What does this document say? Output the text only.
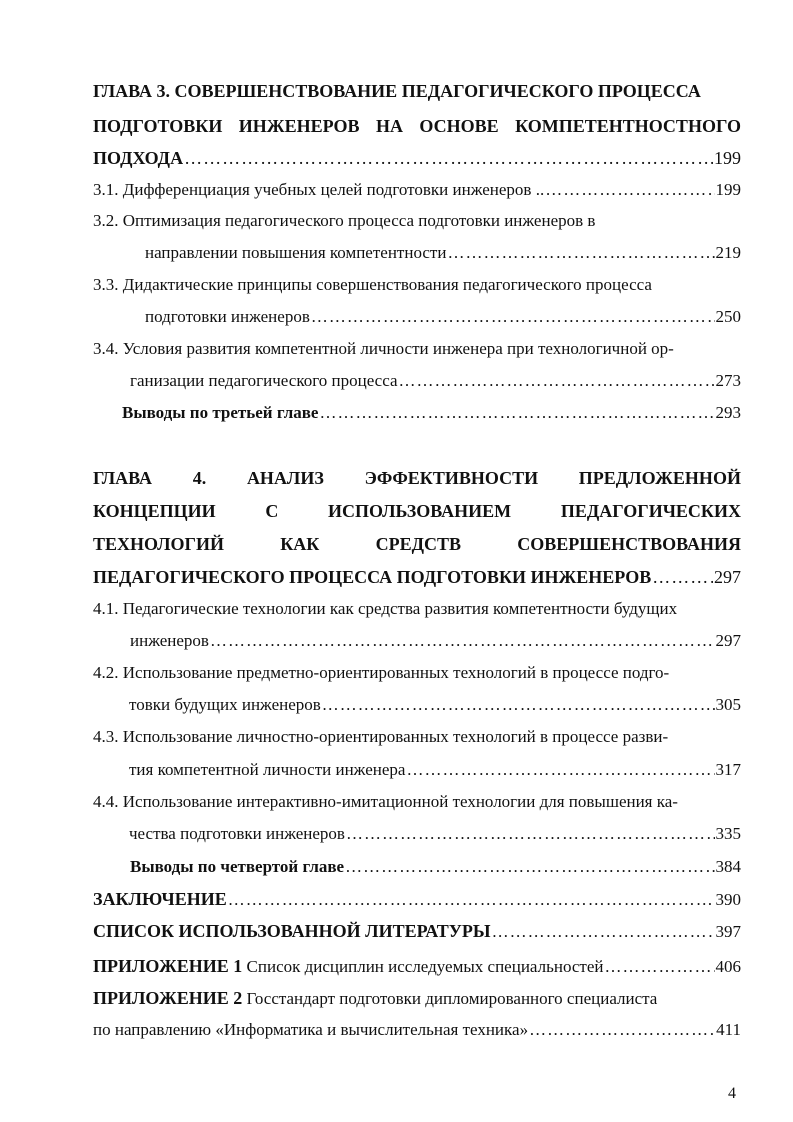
ГЛАВА 3. СОВЕРШЕНСТВОВАНИЕ ПЕДАГОГИЧЕСКОГО ПРОЦЕССА
ПОДГОТОВКИ ИНЖЕНЕРОВ НА ОСНОВЕ КОМПЕТЕНТНОСТНОГО
ПОДХОДА ……………………………………………………………………………………………………………………………………………………	199
3.1. Дифференциация учебных целей подготовки инженеров .. ……………………………………………………………………………………………………………………………………………………	199
3.2. Оптимизация педагогического процесса подготовки инженеров в
направлении повышения компетентности ……………………………………………………………………………………………………………………………………………………	219
3.3. Дидактические принципы совершенствования педагогического процесса
подготовки инженеров ……………………………………………………………………………………………………………………………………………………	250
3.4. Условия развития компетентной личности инженера при технологичной ор-
ганизации педагогического процесса ……………………………………………………………………………………………………………………………………………………	273
Выводы по третьей главе ……………………………………………………………………………………………………………………………………………………	293
ГЛАВА 4. АНАЛИЗ ЭФФЕКТИВНОСТИ ПРЕДЛОЖЕННОЙ
КОНЦЕПЦИИ	С	ИСПОЛЬЗОВАНИЕМ	ПЕДАГОГИЧЕСКИХ
ТЕХНОЛОГИЙ	КАК	СРЕДСТВ	СОВЕРШЕНСТВОВАНИЯ
ПЕДАГОГИЧЕСКОГО ПРОЦЕССА ПОДГОТОВКИ ИНЖЕНЕРОВ ……………………………………………………………………………………………………………………………………………………	297
4.1. Педагогические технологии как средства развития компетентности будущих
инженеров ……………………………………………………………………………………………………………………………………………………	297
4.2. Использование предметно-ориентированных технологий в процессе подго-
товки будущих инженеров ……………………………………………………………………………………………………………………………………………………	305
4.3. Использование личностно-ориентированных технологий в процессе разви-
тия компетентной личности инженера ……………………………………………………………………………………………………………………………………………………	317
4.4. Использование интерактивно-имитационной технологии для повышения ка-
чества подготовки инженеров ……………………………………………………………………………………………………………………………………………………	335
Выводы по четвертой главе ……………………………………………………………………………………………………………………………………………………	384
ЗАКЛЮЧЕНИЕ ……………………………………………………………………………………………………………………………………………………	390
СПИСОК ИСПОЛЬЗОВАННОЙ ЛИТЕРАТУРЫ ……………………………………………………………………………………………………………………………………………………	397
ПРИЛОЖЕНИЕ 1 Список дисциплин исследуемых специальностей ……………………………………………………………………………………………………………………………………………………	406
ПРИЛОЖЕНИЕ 2 Госстандарт подготовки дипломированного специалиста
по направлению «Информатика и вычислительная техника» ……………………………………………………………………………………………………………………………………………………	411
4
